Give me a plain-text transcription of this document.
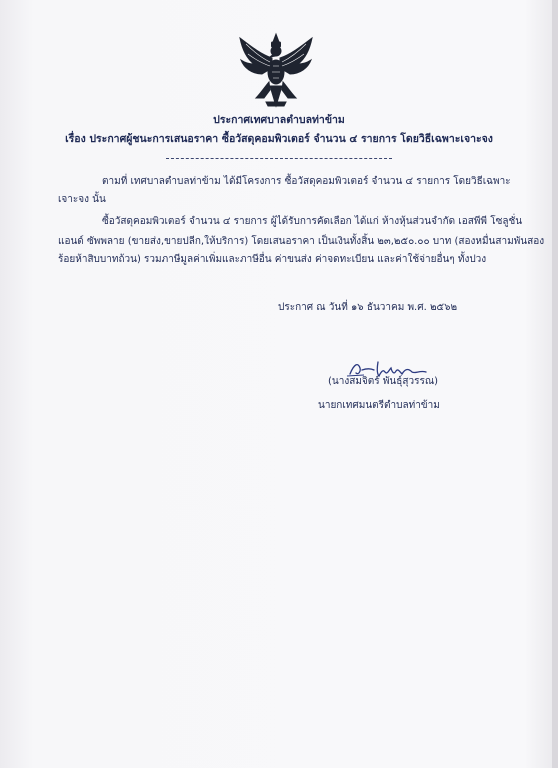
ประกาศเทศบาลตำบลท่าข้าม
เรื่อง ประกาศผู้ชนะการเสนอราคา ซื้อวัสดุคอมพิวเตอร์ จำนวน ๔ รายการ โดยวิธีเฉพาะเจาะจง
ตามที่ เทศบาลตำบลท่าข้าม ได้มีโครงการ ซื้อวัสดุคอมพิวเตอร์ จำนวน ๔ รายการ โดยวิธีเฉพาะ
เจาะจง นั้น
ซื้อวัสดุคอมพิวเตอร์ จำนวน ๔ รายการ ผู้ได้รับการคัดเลือก ได้แก่ ห้างหุ้นส่วนจำกัด เอสพีพี โซลูชั่น
แอนด์ ซัพพลาย (ขายส่ง,ขายปลีก,ให้บริการ) โดยเสนอราคา เป็นเงินทั้งสิ้น ๒๓,๒๕๐.๐๐ บาท (สองหมื่นสามพันสอง
ร้อยห้าสิบบาทถ้วน) รวมภาษีมูลค่าเพิ่มและภาษีอื่น ค่าขนส่ง ค่าจดทะเบียน และค่าใช้จ่ายอื่นๆ ทั้งปวง
ประกาศ ณ วันที่ ๑๖ ธันวาคม พ.ศ. ๒๕๖๒
(นางสมจิตร์ พันธุ์สุวรรณ)
นายกเทศมนตรีตำบลท่าข้าม
